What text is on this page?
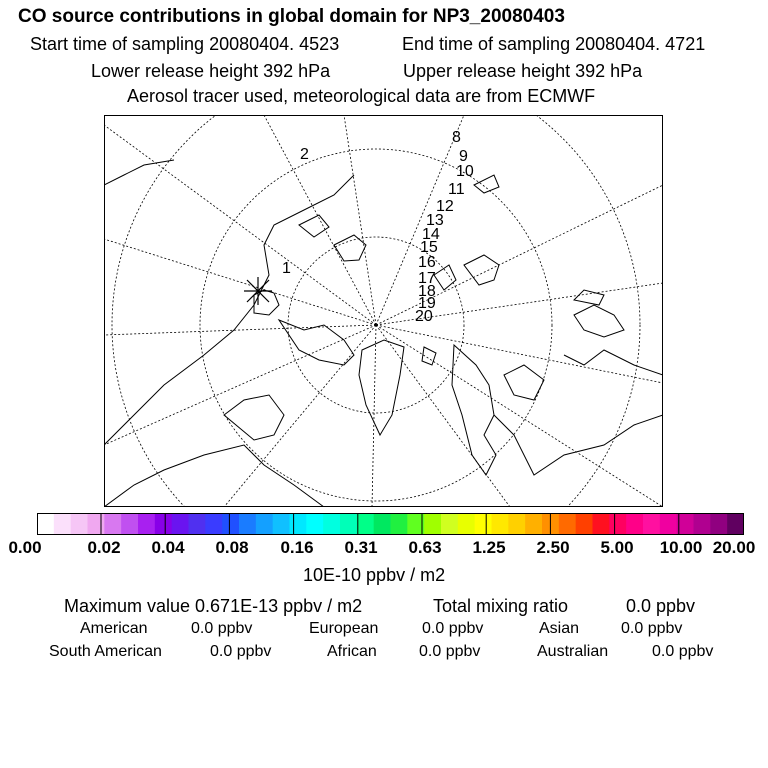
CO source contributions in global domain for NP3_20080403
Start time of sampling 20080404. 4523	End time of sampling 20080404. 4721
Lower release height 392 hPa	Upper release height 392 hPa
Aerosol tracer used, meteorological data are from ECMWF
1
2
8
9
10
11
12
13
14
15
16
17
18
19
20
0.00	0.02 0.04 0.08 0.16 0.31 0.63 1.25 2.50 5.00 10.00 20.00
10E-10 ppbv / m2
Maximum value 0.671E-13 ppbv / m2	Total mixing ratio	0.0 ppbv
American	0.0 ppbv	European	0.0 ppbv	Asian	0.0 ppbv
South American	0.0 ppbv	African	0.0 ppbv	Australian	0.0 ppbv
